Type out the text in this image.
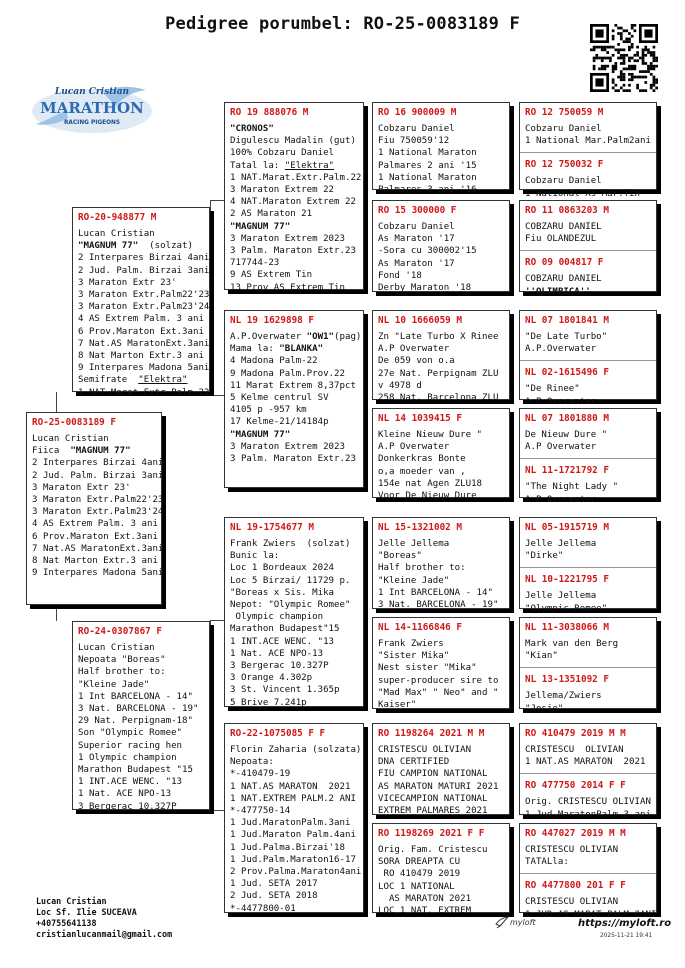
Pedigree porumbel: RO-25-0083189 F
Lucan Cristian
MARATHON
RACING PIGEONS
RO-25-0083189 F
Lucan Cristian
Fiica  "MAGNUM 77"
2 Interpares Birzai 4ani
2 Jud. Palm. Birzai 3ani
3 Maraton Extr 23'
3 Maraton Extr.Palm22'23
3 Maraton Extr.Palm23'24
4 AS Extrem Palm. 3 ani
6 Prov.Maraton Ext.3ani
7 Nat.AS MaratonExt.3ani
8 Nat Marton Extr.3 ani
9 Interpares Madona 5ani
RO-20-948877 M
Lucan Cristian
"MAGNUM 77"  (solzat)
2 Interpares Birzai 4ani
2 Jud. Palm. Birzai 3ani
3 Maraton Extr 23'
3 Maraton Extr.Palm22'23
3 Maraton Extr.Palm23'24
4 AS Extrem Palm. 3 ani
6 Prov.Maraton Ext.3ani
7 Nat.AS MaratonExt.3ani
8 Nat Marton Extr.3 ani
9 Interpares Madona 5ani
Semifrate  "Elektra"
1 NAT.Marat.Extr.Palm.22
RO-24-0307867 F
Lucan Cristian
Nepoata "Boreas"
Half brother to:
"Kleine Jade"
1 Int BARCELONA - 14"
3 Nat. BARCELONA - 19"
29 Nat. Perpignam-18"
Son "Olympic Romee"
Superior racing hen
1 Olympic champion
Marathon Budapest "15
1 INT.ACE WENC. "13
1 Nat. ACE NPO-13
3 Bergerac 10.327P
RO 19 888076 M
"CRONOS"
Digulescu Madalin (gut)
100% Cobzaru Daniel
Tatal la: "Elektra"
1 NAT.Marat.Extr.Palm.22
3 Maraton Extrem 22
4 NAT.Maraton Extrem 22
2 AS Maraton 21
"MAGNUM 77"
3 Maraton Extrem 2023
3 Palm. Maraton Extr.23
717744-23
9 AS Extrem Tin
13 Prov AS Extrem Tin
NL 19 1629898 F
A.P.Overwater "OW1"(pag)
Mama la: "BLANKA"
4 Madona Palm-22
9 Madona Palm.Prov.22
11 Marat Extrem 8,37pct
5 Kelme centrul SV
4105 p -957 km
17 Kelme-21/14184p
"MAGNUM 77"
3 Maraton Extrem 2023
3 Palm. Maraton Extr.23
NL 19-1754677 M
Frank Zwiers  (solzat)
Bunic la:
Loc 1 Bordeaux 2024
Loc 5 Birzai/ 11729 p.
"Boreas x Sis. Mika
Nepot: "Olympic Romee"
Olympic champion
Marathon Budapest"15
1 INT.ACE WENC. "13
1 Nat. ACE NPO-13
3 Bergerac 10.327P
3 Orange 4.302p
3 St. Vincent 1.365p
5 Brive 7.241p
RO-22-1075085 F F
Florin Zaharia (solzata)
Nepoata:
*-410479-19
1 NAT.AS MARATON  2021
1 NAT.EXTREM PALM.2 ANI
*-477750-14
1 Jud.MaratonPalm.3ani
1 Jud.Maraton Palm.4ani
1 Jud.Palma.Birzai'18
1 Jud.Palm.Maraton16-17
2 Prov.Palma.Maraton4ani
1 Jud. SETA 2017
2 Jud. SETA 2018
*-4477800-01
RO 16 900009 M
Cobzaru Daniel
Fiu 750059'12
1 National Maraton
Palmares 2 ani '15
1 National Maraton
Palmares 3 ani '16
RO 15 300000 F
Cobzaru Daniel
As Maraton '17
-Sora cu 300002'15
As Maraton '17
Fond '18
Derby Maraton '18
NL 10 1666059 M
Zn "Late Turbo X Rinee
A.P Overwater
De 059 von o.a
27e Nat. Perpignam ZLU
v 4978 d
258 Nat. Barcelona ZLU
NL 14 1039415 F
Kleine Nieuw Dure "
A.P Overwater
Donkerkras Bonte
o,a moeder van ,
154e nat Agen ZLU18
Voor De Nieuw Dure
NL 15-1321002 M
Jelle Jellema
"Boreas"
Half brother to:
"Kleine Jade"
1 Int BARCELONA - 14"
3 Nat. BARCELONA - 19"
NL 14-1166846 F
Frank Zwiers
"Sister Mika"
Nest sister "Mika"
super-producer sire to
"Mad Max" " Neo" and "
Kaiser"
RO 1198264 2021 M M
CRISTESCU OLIVIAN
DNA CERTIFIED
FIU CAMPION NATIONAL
AS MARATON MATURI 2021
VICECAMPION NATIONAL
EXTREM PALMARES 2021
RO 1198269 2021 F F
Orig. Fam. Cristescu
SORA DREAPTA CU
RO 410479 2019
LOC 1 NATIONAL
AS MARATON 2021
LOC 1 NAT. EXTREM
RO 12 750059 M
Cobzaru Daniel
1 National Mar.Palm2ani
RO 12 750032 F
Cobzaru Daniel
1 National As Mar.Tin
RO 11 0863203 M
COBZARU DANIEL
Fiu OLANDEZUL
RO 09 004817 F
COBZARU DANIEL
''OLIMPICA''
NL 07 1801841 M
"De Late Turbo"
A.P.Overwater
NL 02-1615496 F
"De Rinee"
A.P Overwater
NL 07 1801880 M
De Nieuw Dure "
A.P Overwater
NL 11-1721792 F
"The Night Lady "
A.P Overwater
NL 05-1915719 M
Jelle Jellema
"Dirke"
NL 10-1221795 F
Jelle Jellema
"Olympic Romee"
NL 11-3038066 M
Mark van den Berg
"Kian"
NL 13-1351092 F
Jellema/Zwiers
"Josje"
RO 410479 2019 M M
CRISTESCU  OLIVIAN
1 NAT.AS MARATON  2021
RO 477750 2014 F F
Orig. CRISTESCU OLIVIAN
1 Jud.MaratonPalm.3 ani
RO 447027 2019 M M
CRISTESCU OLIVIAN
TATALla:
RO 4477800 201 F F
CRISTESCU OLIVIAN
1 JUD.AS MARAT.PALM 3ANI
Lucan Cristian
Loc Sf. Ilie SUCEAVA
+40755641138
cristianlucanmail@gmail.com
myloft	https://myloft.ro
2025-11-21 19:41
